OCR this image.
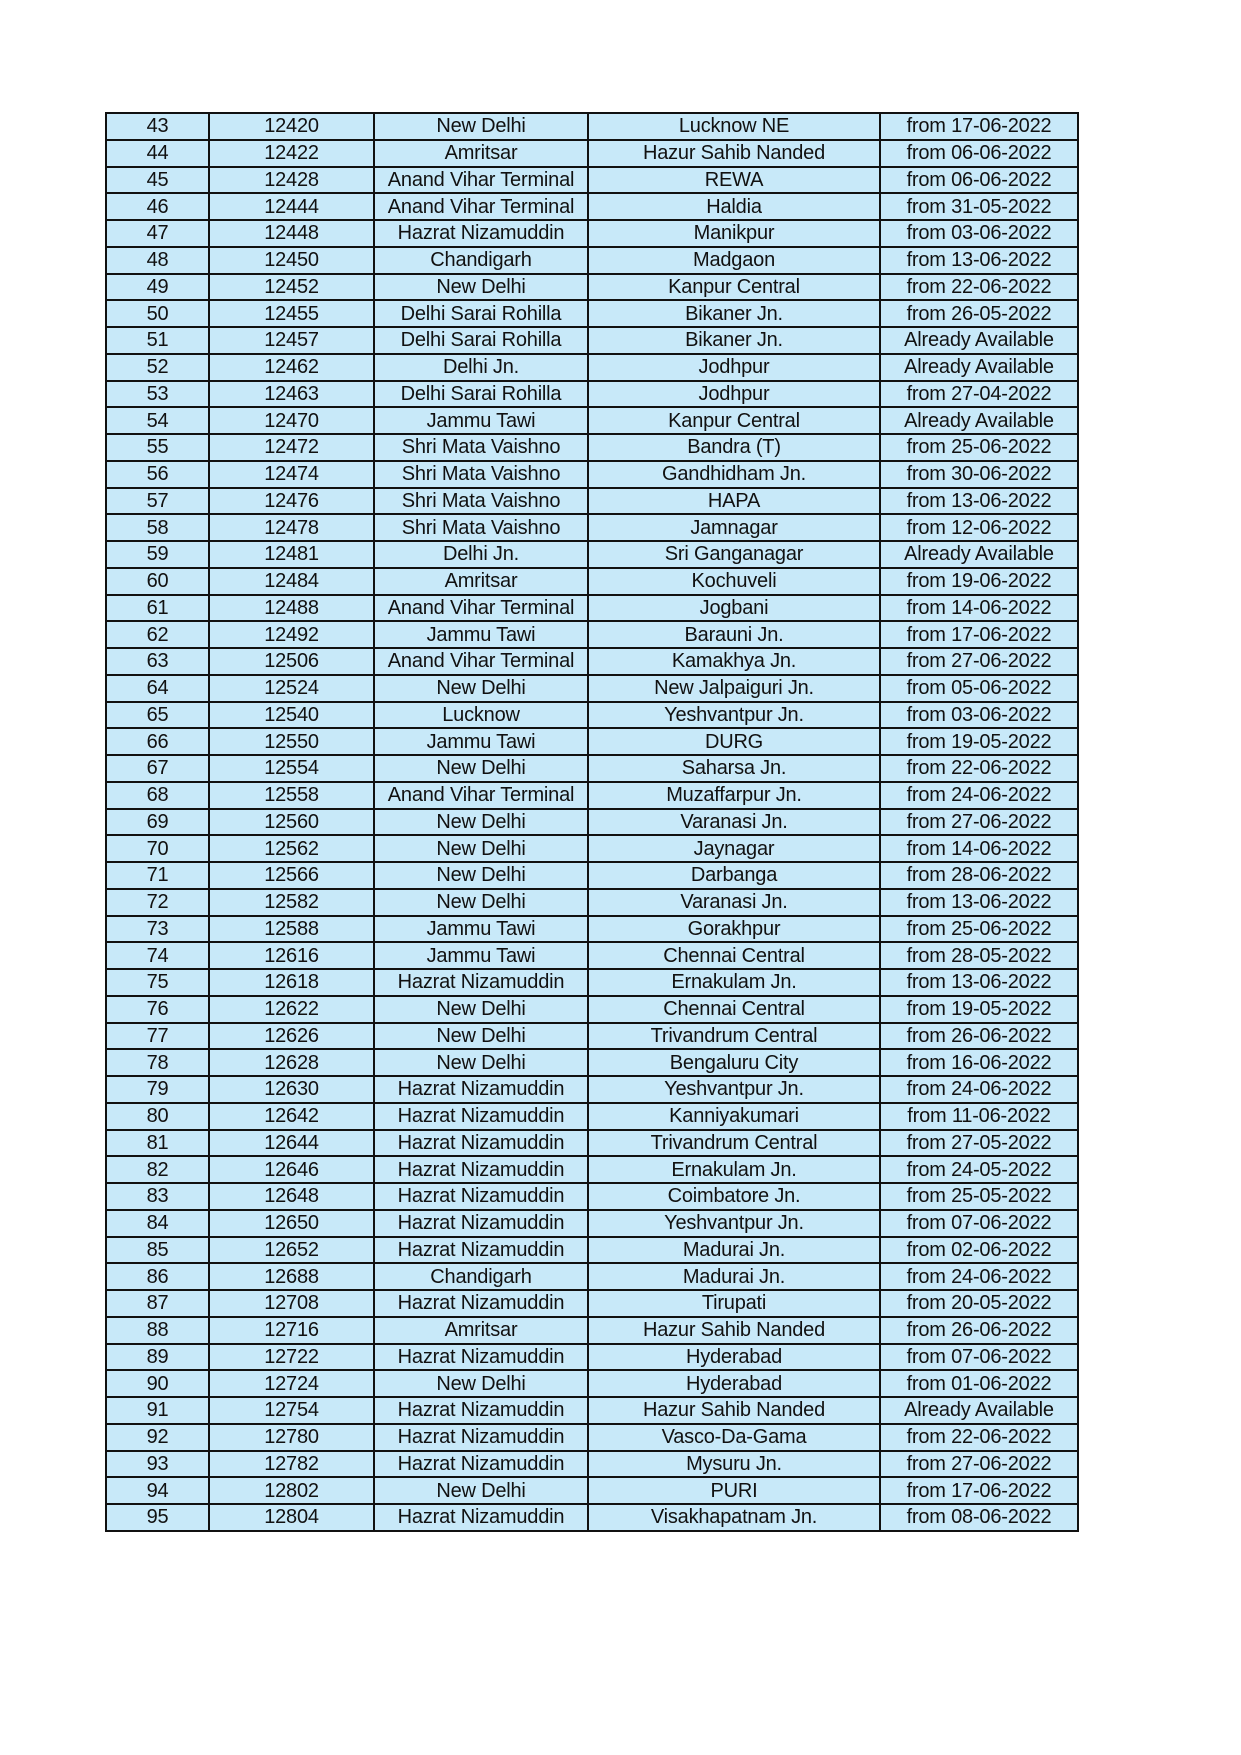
43	12420	New Delhi	Lucknow NE	from 17-06-2022
44	12422	Amritsar	Hazur Sahib Nanded	from 06-06-2022
45	12428	Anand Vihar Terminal	REWA	from 06-06-2022
46	12444	Anand Vihar Terminal	Haldia	from 31-05-2022
47	12448	Hazrat Nizamuddin	Manikpur	from 03-06-2022
48	12450	Chandigarh	Madgaon	from 13-06-2022
49	12452	New Delhi	Kanpur Central	from 22-06-2022
50	12455	Delhi Sarai Rohilla	Bikaner Jn.	from 26-05-2022
51	12457	Delhi Sarai Rohilla	Bikaner Jn.	Already Available
52	12462	Delhi Jn.	Jodhpur	Already Available
53	12463	Delhi Sarai Rohilla	Jodhpur	from 27-04-2022
54	12470	Jammu Tawi	Kanpur Central	Already Available
55	12472	Shri Mata Vaishno	Bandra (T)	from 25-06-2022
56	12474	Shri Mata Vaishno	Gandhidham Jn.	from 30-06-2022
57	12476	Shri Mata Vaishno	HAPA	from 13-06-2022
58	12478	Shri Mata Vaishno	Jamnagar	from 12-06-2022
59	12481	Delhi Jn.	Sri Ganganagar	Already Available
60	12484	Amritsar	Kochuveli	from 19-06-2022
61	12488	Anand Vihar Terminal	Jogbani	from 14-06-2022
62	12492	Jammu Tawi	Barauni Jn.	from 17-06-2022
63	12506	Anand Vihar Terminal	Kamakhya Jn.	from 27-06-2022
64	12524	New Delhi	New Jalpaiguri Jn.	from 05-06-2022
65	12540	Lucknow	Yeshvantpur Jn.	from 03-06-2022
66	12550	Jammu Tawi	DURG	from 19-05-2022
67	12554	New Delhi	Saharsa Jn.	from 22-06-2022
68	12558	Anand Vihar Terminal	Muzaffarpur Jn.	from 24-06-2022
69	12560	New Delhi	Varanasi Jn.	from 27-06-2022
70	12562	New Delhi	Jaynagar	from 14-06-2022
71	12566	New Delhi	Darbanga	from 28-06-2022
72	12582	New Delhi	Varanasi Jn.	from 13-06-2022
73	12588	Jammu Tawi	Gorakhpur	from 25-06-2022
74	12616	Jammu Tawi	Chennai Central	from 28-05-2022
75	12618	Hazrat Nizamuddin	Ernakulam Jn.	from 13-06-2022
76	12622	New Delhi	Chennai Central	from 19-05-2022
77	12626	New Delhi	Trivandrum Central	from 26-06-2022
78	12628	New Delhi	Bengaluru City	from 16-06-2022
79	12630	Hazrat Nizamuddin	Yeshvantpur Jn.	from 24-06-2022
80	12642	Hazrat Nizamuddin	Kanniyakumari	from 11-06-2022
81	12644	Hazrat Nizamuddin	Trivandrum Central	from 27-05-2022
82	12646	Hazrat Nizamuddin	Ernakulam Jn.	from 24-05-2022
83	12648	Hazrat Nizamuddin	Coimbatore Jn.	from 25-05-2022
84	12650	Hazrat Nizamuddin	Yeshvantpur Jn.	from 07-06-2022
85	12652	Hazrat Nizamuddin	Madurai Jn.	from 02-06-2022
86	12688	Chandigarh	Madurai Jn.	from 24-06-2022
87	12708	Hazrat Nizamuddin	Tirupati	from 20-05-2022
88	12716	Amritsar	Hazur Sahib Nanded	from 26-06-2022
89	12722	Hazrat Nizamuddin	Hyderabad	from 07-06-2022
90	12724	New Delhi	Hyderabad	from 01-06-2022
91	12754	Hazrat Nizamuddin	Hazur Sahib Nanded	Already Available
92	12780	Hazrat Nizamuddin	Vasco-Da-Gama	from 22-06-2022
93	12782	Hazrat Nizamuddin	Mysuru Jn.	from 27-06-2022
94	12802	New Delhi	PURI	from 17-06-2022
95	12804	Hazrat Nizamuddin	Visakhapatnam Jn.	from 08-06-2022
